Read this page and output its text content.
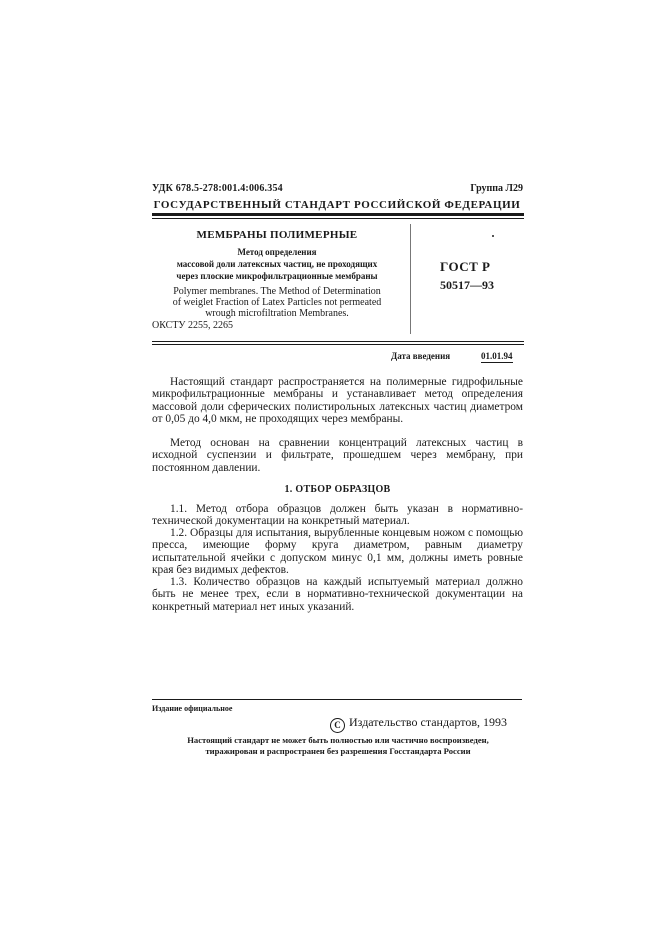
УДК 678.5-278:001.4:006.354	Группа Л29
ГОСУДАРСТВЕННЫЙ СТАНДАРТ РОССИЙСКОЙ ФЕДЕРАЦИИ
МЕМБРАНЫ ПОЛИМЕРНЫЕ
Метод определения
массовой доли латексных частиц, не проходящих
через плоские микрофильтрационные мембраны
Polymer membranes. The Method of Determination
of weiglet Fraction of Latex Particles not permeated
wrough microfiltration Membranes.
ОКСТУ 2255, 2265
ГОСТ Р
50517—93
Дата введения	01.01.94

Настоящий стандарт распространяется на полимерные гидрофильные микрофильтрационные мембраны и устанавливает метод определения массовой доли сферических полистирольных латексных частиц диаметром от 0,05 до 4,0 мкм, не проходящих через мембраны.

Метод основан на сравнении концентраций латексных частиц в исходной суспензии и фильтрате, прошедшем через мембрану, при постоянном давлении.

1. ОТБОР ОБРАЗЦОВ

1.1. Метод отбора образцов должен быть указан в нормативно-технической документации на конкретный материал.

1.2. Образцы для испытания, вырубленные концевым ножом с помощью пресса, имеющие форму круга диаметром, равным диаметру испытательной ячейки с допуском минус 0,1 мм, должны иметь ровные края без видимых дефектов.

1.3. Количество образцов на каждый испытуемый материал должно быть не менее трех, если в нормативно-технической документации на конкретный материал нет иных указаний.

Издание официальное
C Издательство стандартов, 1993
Настоящий стандарт не может быть полностью или частично воспроизведен,
тиражирован и распространен без разрешения Госстандарта России
